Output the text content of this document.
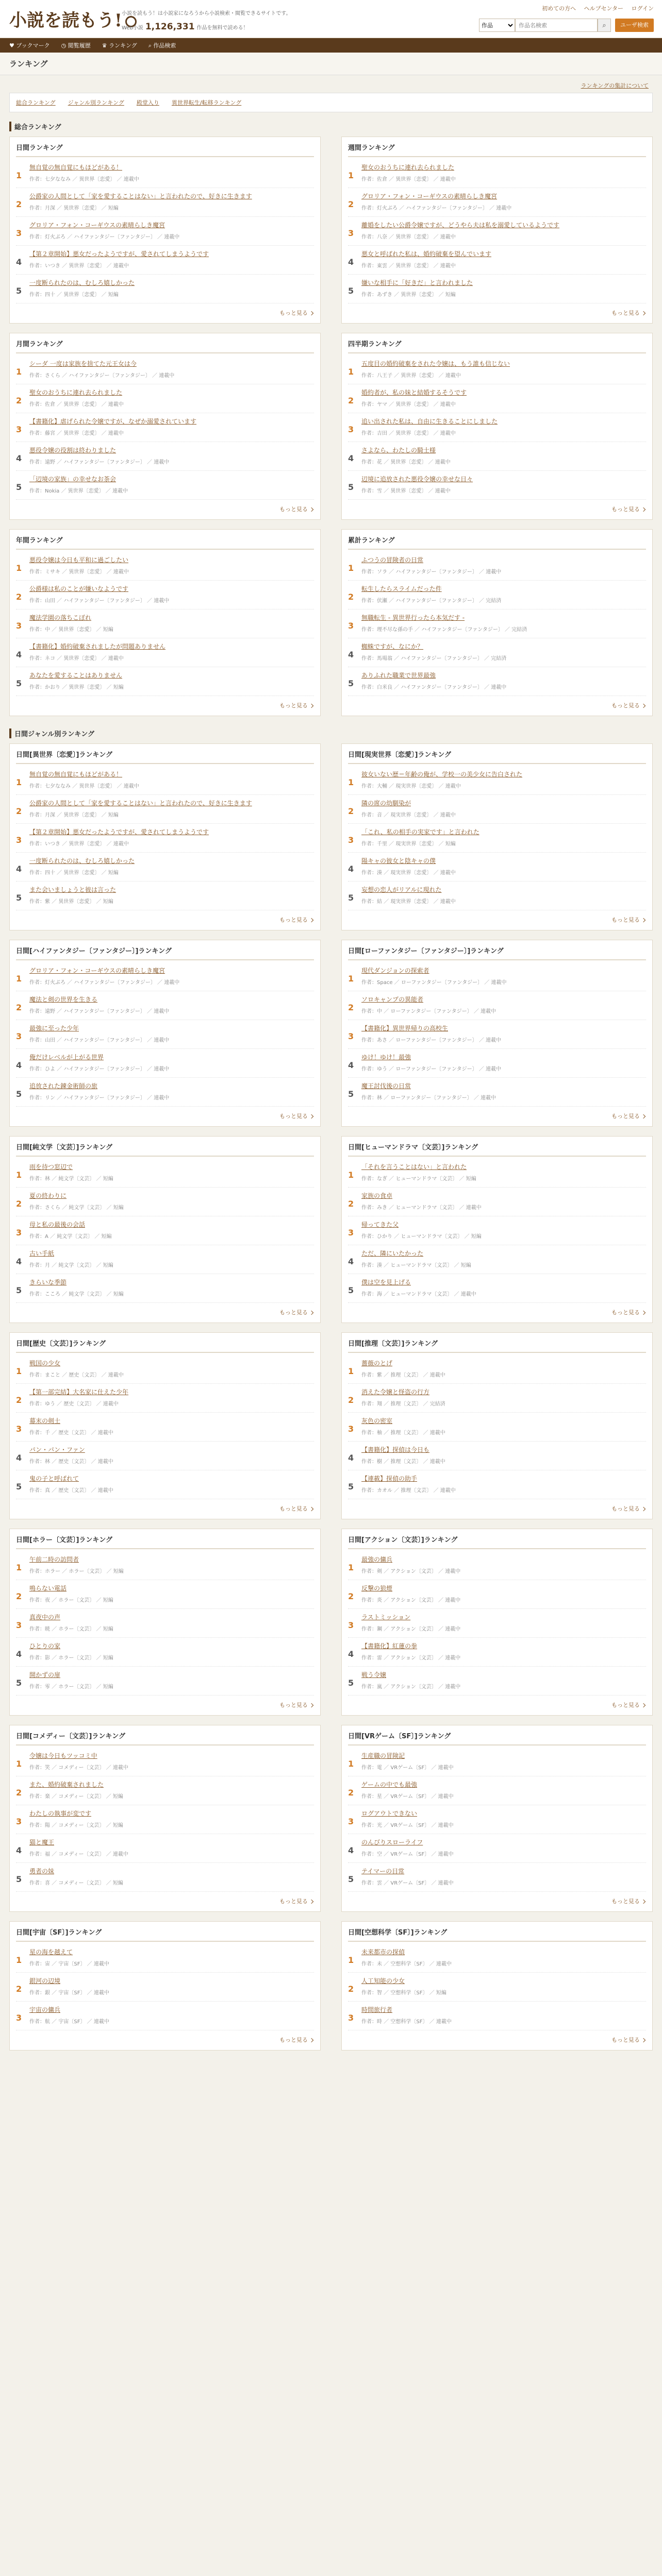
小説を読もう! 小説を読もう！は小説家になろうから小説検索・閲覧できるサイトです。
Web小説 1,126,331 作品を無料で読める！
初めての方へ ヘルプセンター ログイン
作品
作品名検索
⌕	ユーザ検索
♥ ブックマーク ◷ 閲覧履歴 ♛ ランキング ⌕ 作品検索
ランキング
ランキングの集計について
総合ランキング ジャンル別ランキング 殿堂入り 異世界転生/転移ランキング
総合ランキング
日間ランキング
1
無自覚の無自覚にもほどがある！
作者：七夕ななみ ／ 異世界〔恋愛〕 ／ 連載中
2
公爵家の人間として「家を愛することはない」と言われたので、好きに生きます
作者：月深 ／ 異世界〔恋愛〕 ／ 短編
3
グロリア・フォン・コーギウスの素晴らしき魔宮
作者：灯火ぶろ ／ ハイファンタジー〔ファンタジー〕 ／ 連載中
4
【第２章開始】悪女だったようですが、愛されてしまうようです
作者：いつき ／ 異世界〔恋愛〕 ／ 連載中
5
一度断られたのは、むしろ嬉しかった
作者：四十 ／ 異世界〔恋愛〕 ／ 短編
もっと見る
週間ランキング
1
聖女のおうちに連れ去られました
作者：佐倉 ／ 異世界〔恋愛〕 ／ 連載中
2
グロリア・フォン・コーギウスの素晴らしき魔宮
作者：灯火ぶろ ／ ハイファンタジー〔ファンタジー〕 ／ 連載中
3
離婚をしたい公爵令嬢ですが、どうやら夫は私を溺愛しているようです
作者：八奈 ／ 異世界〔恋愛〕 ／ 連載中
4
悪女と呼ばれた私は、婚約破棄を望んでいます
作者：東雲 ／ 異世界〔恋愛〕 ／ 連載中
5
嫌いな相手に「好きだ」と言われました
作者：あずき ／ 異世界〔恋愛〕 ／ 短編
もっと見る
月間ランキング
1
シーダ 一度は家族を捨てた元王女は今
作者：さくら ／ ハイファンタジー〔ファンタジー〕 ／ 連載中
2
聖女のおうちに連れ去られました
作者：佐倉 ／ 異世界〔恋愛〕 ／ 連載中
3
【書籍化】虐げられた令嬢ですが、なぜか溺愛されています
作者：藤宮 ／ 異世界〔恋愛〕 ／ 連載中
4
悪役令嬢の役割は終わりました
作者：遠野 ／ ハイファンタジー〔ファンタジー〕 ／ 連載中
5
「辺境の家族」の幸せなお茶会
作者：Nokia ／ 異世界〔恋愛〕 ／ 連載中
もっと見る
四半期ランキング
1
五度目の婚約破棄をされた令嬢は、もう誰も信じない
作者：八王子 ／ 異世界〔恋愛〕 ／ 連載中
2
婚約者が、私の妹と結婚するそうです
作者：ヤマ ／ 異世界〔恋愛〕 ／ 連載中
3
追い出された私は、自由に生きることにしました
作者：吉田 ／ 異世界〔恋愛〕 ／ 連載中
4
さよなら、わたしの騎士様
作者：花 ／ 異世界〔恋愛〕 ／ 連載中
5
辺境に追放された悪役令嬢の幸せな日々
作者：雪 ／ 異世界〔恋愛〕 ／ 連載中
もっと見る
年間ランキング
1
悪役令嬢は今日も平和に過ごしたい
作者：ミサキ ／ 異世界〔恋愛〕 ／ 連載中
2
公爵様は私のことが嫌いなようです
作者：山田 ／ ハイファンタジー〔ファンタジー〕 ／ 連載中
3
魔法学園の落ちこぼれ
作者：中 ／ 異世界〔恋愛〕 ／ 短編
4
【書籍化】婚約破棄されましたが問題ありません
作者：ネコ ／ 異世界〔恋愛〕 ／ 連載中
5
あなたを愛することはありません
作者：かおり ／ 異世界〔恋愛〕 ／ 短編
もっと見る
累計ランキング
1
ふつうの冒険者の日常
作者：ソラ ／ ハイファンタジー〔ファンタジー〕 ／ 連載中
2
転生したらスライムだった件
作者：伏瀬 ／ ハイファンタジー〔ファンタジー〕 ／ 完結済
3
無職転生 - 異世界行ったら本気だす -
作者：理不尽な孫の手 ／ ハイファンタジー〔ファンタジー〕 ／ 完結済
4
蜘蛛ですが、なにか？
作者：馬場翁 ／ ハイファンタジー〔ファンタジー〕 ／ 完結済
5
ありふれた職業で世界最強
作者：白米良 ／ ハイファンタジー〔ファンタジー〕 ／ 連載中
もっと見る
日間ジャンル別ランキング
日間[異世界〔恋愛〕]ランキング
1
無自覚の無自覚にもほどがある！
作者：七夕ななみ ／ 異世界〔恋愛〕 ／ 連載中
2
公爵家の人間として「家を愛することはない」と言われたので、好きに生きます
作者：月深 ／ 異世界〔恋愛〕 ／ 短編
3
【第２章開始】悪女だったようですが、愛されてしまうようです
作者：いつき ／ 異世界〔恋愛〕 ／ 連載中
4
一度断られたのは、むしろ嬉しかった
作者：四十 ／ 異世界〔恋愛〕 ／ 短編
5
また会いましょうと彼は言った
作者：紫 ／ 異世界〔恋愛〕 ／ 短編
もっと見る
日間[現実世界〔恋愛〕]ランキング
1
彼女いない歴＝年齢の俺が、学校一の美少女に告白された
作者：大輔 ／ 現実世界〔恋愛〕 ／ 連載中
2
隣の席の幼馴染が
作者：音 ／ 現実世界〔恋愛〕 ／ 連載中
3
「これ、私の相手の実家です」と言われた
作者：千里 ／ 現実世界〔恋愛〕 ／ 短編
4
陽キャの彼女と陰キャの僕
作者：湊 ／ 現実世界〔恋愛〕 ／ 連載中
5
妄想の恋人がリアルに現れた
作者：結 ／ 現実世界〔恋愛〕 ／ 連載中
もっと見る
日間[ハイファンタジー〔ファンタジー〕]ランキング
1
グロリア・フォン・コーギウスの素晴らしき魔宮
作者：灯火ぶろ ／ ハイファンタジー〔ファンタジー〕 ／ 連載中
2
魔法と剣の世界を生きる
作者：遠野 ／ ハイファンタジー〔ファンタジー〕 ／ 連載中
3
最強に至った少年
作者：山田 ／ ハイファンタジー〔ファンタジー〕 ／ 連載中
4
俺だけレベルが上がる世界
作者：ひよ ／ ハイファンタジー〔ファンタジー〕 ／ 連載中
5
追放された錬金術師の旅
作者：リン ／ ハイファンタジー〔ファンタジー〕 ／ 連載中
もっと見る
日間[ローファンタジー〔ファンタジー〕]ランキング
1
現代ダンジョンの探索者
作者：Space ／ ローファンタジー〔ファンタジー〕 ／ 連載中
2
ソロキャンプの異能者
作者：中 ／ ローファンタジー〔ファンタジー〕 ／ 連載中
3
【書籍化】異世界帰りの高校生
作者：あさ ／ ローファンタジー〔ファンタジー〕 ／ 連載中
4
ゆけ！ゆけ！最強
作者：ゆう ／ ローファンタジー〔ファンタジー〕 ／ 連載中
5
魔王討伐後の日常
作者：林 ／ ローファンタジー〔ファンタジー〕 ／ 連載中
もっと見る
日間[純文学〔文芸〕]ランキング
1
雨を待つ窓辺で
作者：林 ／ 純文学〔文芸〕 ／ 短編
2
夏の終わりに
作者：さくら ／ 純文学〔文芸〕 ／ 短編
3
母と私の最後の会話
作者：A ／ 純文学〔文芸〕 ／ 短編
4
古い手紙
作者：月 ／ 純文学〔文芸〕 ／ 短編
5
きらいな季節
作者：こころ ／ 純文学〔文芸〕 ／ 短編
もっと見る
日間[ヒューマンドラマ〔文芸〕]ランキング
1
「それを言うことはない」と言われた
作者：なぎ ／ ヒューマンドラマ〔文芸〕 ／ 短編
2
家族の食卓
作者：みき ／ ヒューマンドラマ〔文芸〕 ／ 連載中
3
帰ってきた父
作者：ひかり ／ ヒューマンドラマ〔文芸〕 ／ 短編
4
ただ、隣にいたかった
作者：湊 ／ ヒューマンドラマ〔文芸〕 ／ 短編
5
僕は空を見上げる
作者：海 ／ ヒューマンドラマ〔文芸〕 ／ 連載中
もっと見る
日間[歴史〔文芸〕]ランキング
1
戦国の少女
作者：まこと ／ 歴史〔文芸〕 ／ 連載中
2
【第一部完結】大名家に仕えた少年
作者：ゆう ／ 歴史〔文芸〕 ／ 連載中
3
幕末の剣士
作者：千 ／ 歴史〔文芸〕 ／ 連載中
4
パン・パン・ファン
作者：林 ／ 歴史〔文芸〕 ／ 連載中
5
鬼の子と呼ばれて
作者：真 ／ 歴史〔文芸〕 ／ 連載中
もっと見る
日間[推理〔文芸〕]ランキング
1
薔薇のとげ
作者：紫 ／ 推理〔文芸〕 ／ 連載中
2
消えた令嬢と怪盗の行方
作者：翔 ／ 推理〔文芸〕 ／ 完結済
3
灰色の密室
作者：柚 ／ 推理〔文芸〕 ／ 連載中
4
【書籍化】探偵は今日も
作者：樹 ／ 推理〔文芸〕 ／ 連載中
5
【連載】探偵の助手
作者：カオル ／ 推理〔文芸〕 ／ 連載中
もっと見る
日間[ホラー〔文芸〕]ランキング
1
午前二時の訪問者
作者：ホラー ／ ホラー〔文芸〕 ／ 短編
2
鳴らない電話
作者：夜 ／ ホラー〔文芸〕 ／ 短編
3
真夜中の声
作者：暁 ／ ホラー〔文芸〕 ／ 短編
4
ひとりの家
作者：影 ／ ホラー〔文芸〕 ／ 短編
5
開かずの扉
作者：零 ／ ホラー〔文芸〕 ／ 短編
もっと見る
日間[アクション〔文芸〕]ランキング
1
最強の傭兵
作者：剣 ／ アクション〔文芸〕 ／ 連載中
2
反撃の狼煙
作者：炎 ／ アクション〔文芸〕 ／ 連載中
3
ラストミッション
作者：鋼 ／ アクション〔文芸〕 ／ 連載中
4
【書籍化】紅蓮の拳
作者：雷 ／ アクション〔文芸〕 ／ 連載中
5
戦う令嬢
作者：嵐 ／ アクション〔文芸〕 ／ 連載中
もっと見る
日間[コメディー〔文芸〕]ランキング
1
令嬢は今日もツッコミ中
作者：笑 ／ コメディー〔文芸〕 ／ 連載中
2
また、婚約破棄されました
作者：楽 ／ コメディー〔文芸〕 ／ 短編
3
わたしの執事が変です
作者：陽 ／ コメディー〔文芸〕 ／ 短編
4
猫と魔王
作者：福 ／ コメディー〔文芸〕 ／ 連載中
5
勇者の妹
作者：喜 ／ コメディー〔文芸〕 ／ 短編
もっと見る
日間[VRゲーム〔SF〕]ランキング
1
生産職の冒険記
作者：電 ／ VRゲーム〔SF〕 ／ 連載中
2
ゲームの中でも最強
作者：星 ／ VRゲーム〔SF〕 ／ 連載中
3
ログアウトできない
作者：光 ／ VRゲーム〔SF〕 ／ 連載中
4
のんびりスローライフ
作者：空 ／ VRゲーム〔SF〕 ／ 連載中
5
テイマーの日常
作者：雲 ／ VRゲーム〔SF〕 ／ 連載中
もっと見る
日間[宇宙〔SF〕]ランキング
1
星の海を越えて
作者：宙 ／ 宇宙〔SF〕 ／ 連載中
2
銀河の辺境
作者：銀 ／ 宇宙〔SF〕 ／ 連載中
3
宇宙の傭兵
作者：航 ／ 宇宙〔SF〕 ／ 連載中
もっと見る
日間[空想科学〔SF〕]ランキング
1
未来都市の探偵
作者：未 ／ 空想科学〔SF〕 ／ 連載中
2
人工知能の少女
作者：智 ／ 空想科学〔SF〕 ／ 短編
3
時間旅行者
作者：時 ／ 空想科学〔SF〕 ／ 連載中
もっと見る
